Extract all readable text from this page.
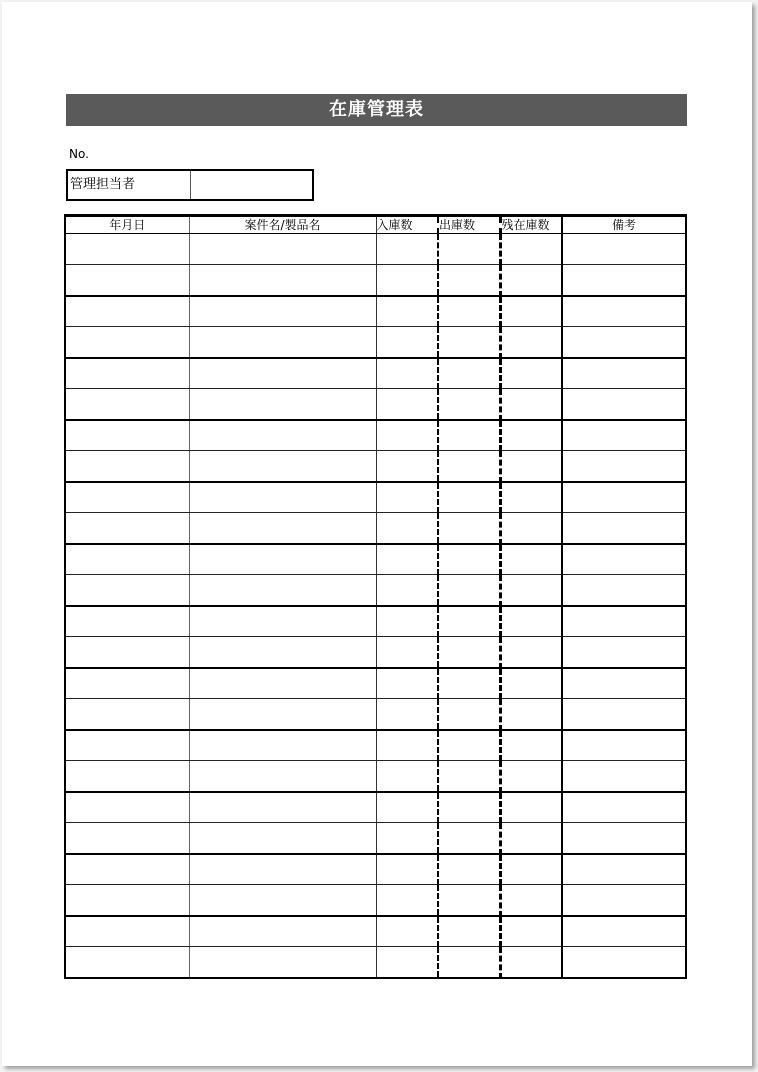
在庫管理表
No.
管理担当者
年月日	案件名/製品名	入庫数	出庫数	残在庫数	備考
